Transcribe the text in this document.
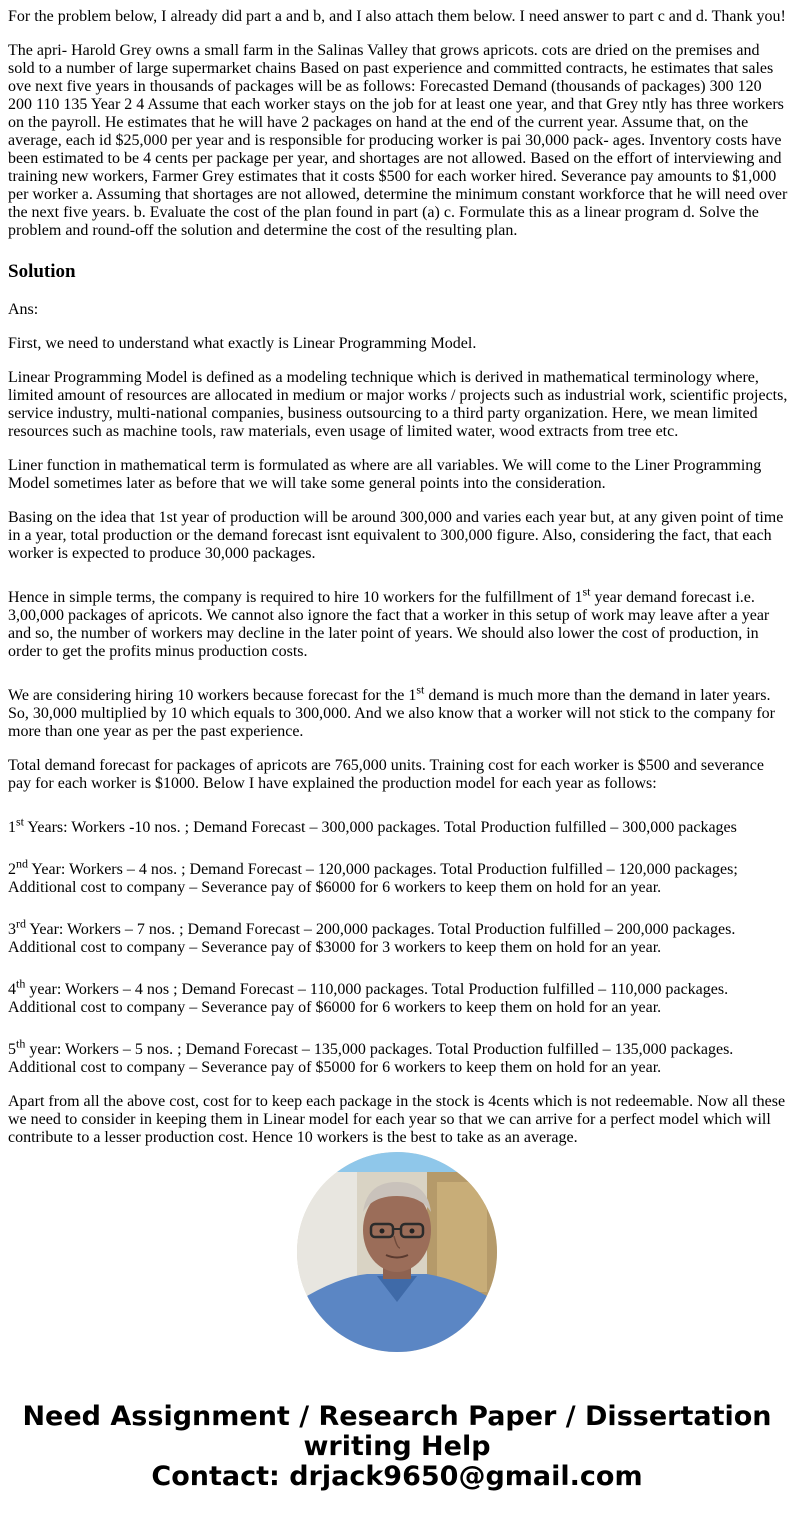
For the problem below, I already did part a and b, and I also attach them below. I need answer to part c and d. Thank you!

The apri- Harold Grey owns a small farm in the Salinas Valley that grows apricots. cots are dried on the premises and sold to a number of large supermarket chains Based on past experience and committed contracts, he estimates that sales ove next five years in thousands of packages will be as follows: Forecasted Demand (thousands of packages) 300 120 200 110 135 Year 2 4 Assume that each worker stays on the job for at least one year, and that Grey ntly has three workers on the payroll. He estimates that he will have 2 packages on hand at the end of the current year. Assume that, on the average, each id $25,000 per year and is responsible for producing worker is pai 30,000 pack- ages. Inventory costs have been estimated to be 4 cents per package per year, and shortages are not allowed. Based on the effort of interviewing and training new workers, Farmer Grey estimates that it costs $500 for each worker hired. Severance pay amounts to $1,000 per worker a. Assuming that shortages are not allowed, determine the minimum constant workforce that he will need over the next five years. b. Evaluate the cost of the plan found in part (a) c. Formulate this as a linear program d. Solve the problem and round-off the solution and determine the cost of the resulting plan.

Solution

Ans:

First, we need to understand what exactly is Linear Programming Model.

Linear Programming Model is defined as a modeling technique which is derived in mathematical terminology where, limited amount of resources are allocated in medium or major works / projects such as industrial work, scientific projects, service industry, multi-national companies, business outsourcing to a third party organization. Here, we mean limited resources such as machine tools, raw materials, even usage of limited water, wood extracts from tree etc.

Liner function in mathematical term is formulated as where are all variables. We will come to the Liner Programming Model sometimes later as before that we will take some general points into the consideration.

Basing on the idea that 1st year of production will be around 300,000 and varies each year but, at any given point of time in a year, total production or the demand forecast isnt equivalent to 300,000 figure. Also, considering the fact, that each worker is expected to produce 30,000 packages.

Hence in simple terms, the company is required to hire 10 workers for the fulfillment of 1st year demand forecast i.e. 3,00,000 packages of apricots. We cannot also ignore the fact that a worker in this setup of work may leave after a year and so, the number of workers may decline in the later point of years. We should also lower the cost of production, in order to get the profits minus production costs.

We are considering hiring 10 workers because forecast for the 1st demand is much more than the demand in later years. So, 30,000 multiplied by 10 which equals to 300,000. And we also know that a worker will not stick to the company for more than one year as per the past experience.

Total demand forecast for packages of apricots are 765,000 units. Training cost for each worker is $500 and severance pay for each worker is $1000. Below I have explained the production model for each year as follows:

1st Years: Workers -10 nos. ; Demand Forecast – 300,000 packages. Total Production fulfilled – 300,000 packages

2nd Year: Workers – 4 nos. ; Demand Forecast – 120,000 packages. Total Production fulfilled – 120,000 packages; Additional cost to company – Severance pay of $6000 for 6 workers to keep them on hold for an year.

3rd Year: Workers – 7 nos. ; Demand Forecast – 200,000 packages. Total Production fulfilled – 200,000 packages. Additional cost to company – Severance pay of $3000 for 3 workers to keep them on hold for an year.

4th year: Workers – 4 nos ; Demand Forecast – 110,000 packages. Total Production fulfilled – 110,000 packages. Additional cost to company – Severance pay of $6000 for 6 workers to keep them on hold for an year.

5th year: Workers – 5 nos. ; Demand Forecast – 135,000 packages. Total Production fulfilled – 135,000 packages. Additional cost to company – Severance pay of $5000 for 6 workers to keep them on hold for an year.

Apart from all the above cost, cost for to keep each package in the stock is 4cents which is not redeemable. Now all these we need to consider in keeping them in Linear model for each year so that we can arrive for a perfect model which will contribute to a lesser production cost. Hence 10 workers is the best to take as an average.

Need Assignment / Research Paper / Dissertation
writing Help
Contact: drjack9650@gmail.com
